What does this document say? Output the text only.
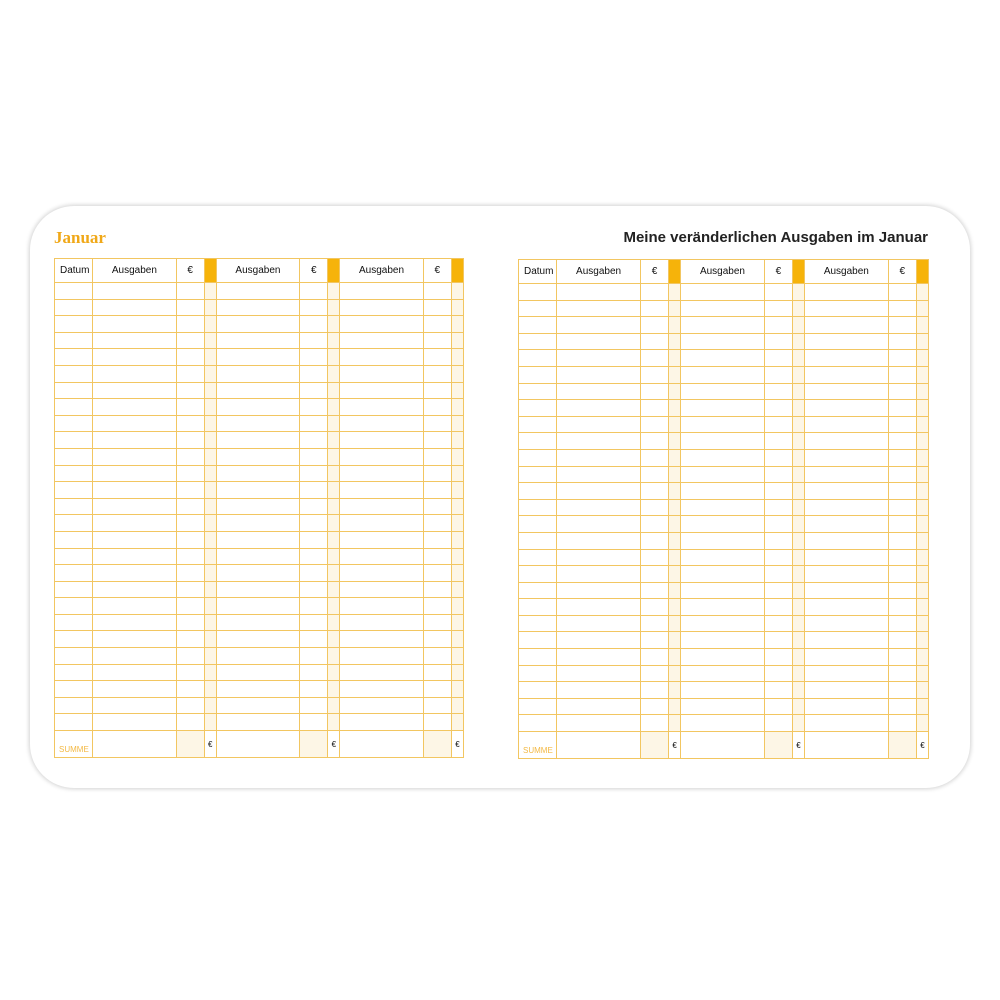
Januar	Meine veränderlichen Ausgaben im Januar
Datum	Ausgaben	€		Ausgaben	€		Ausgaben	€	

SUMME			€			€			€
Datum	Ausgaben	€		Ausgaben	€		Ausgaben	€	

SUMME			€			€			€
